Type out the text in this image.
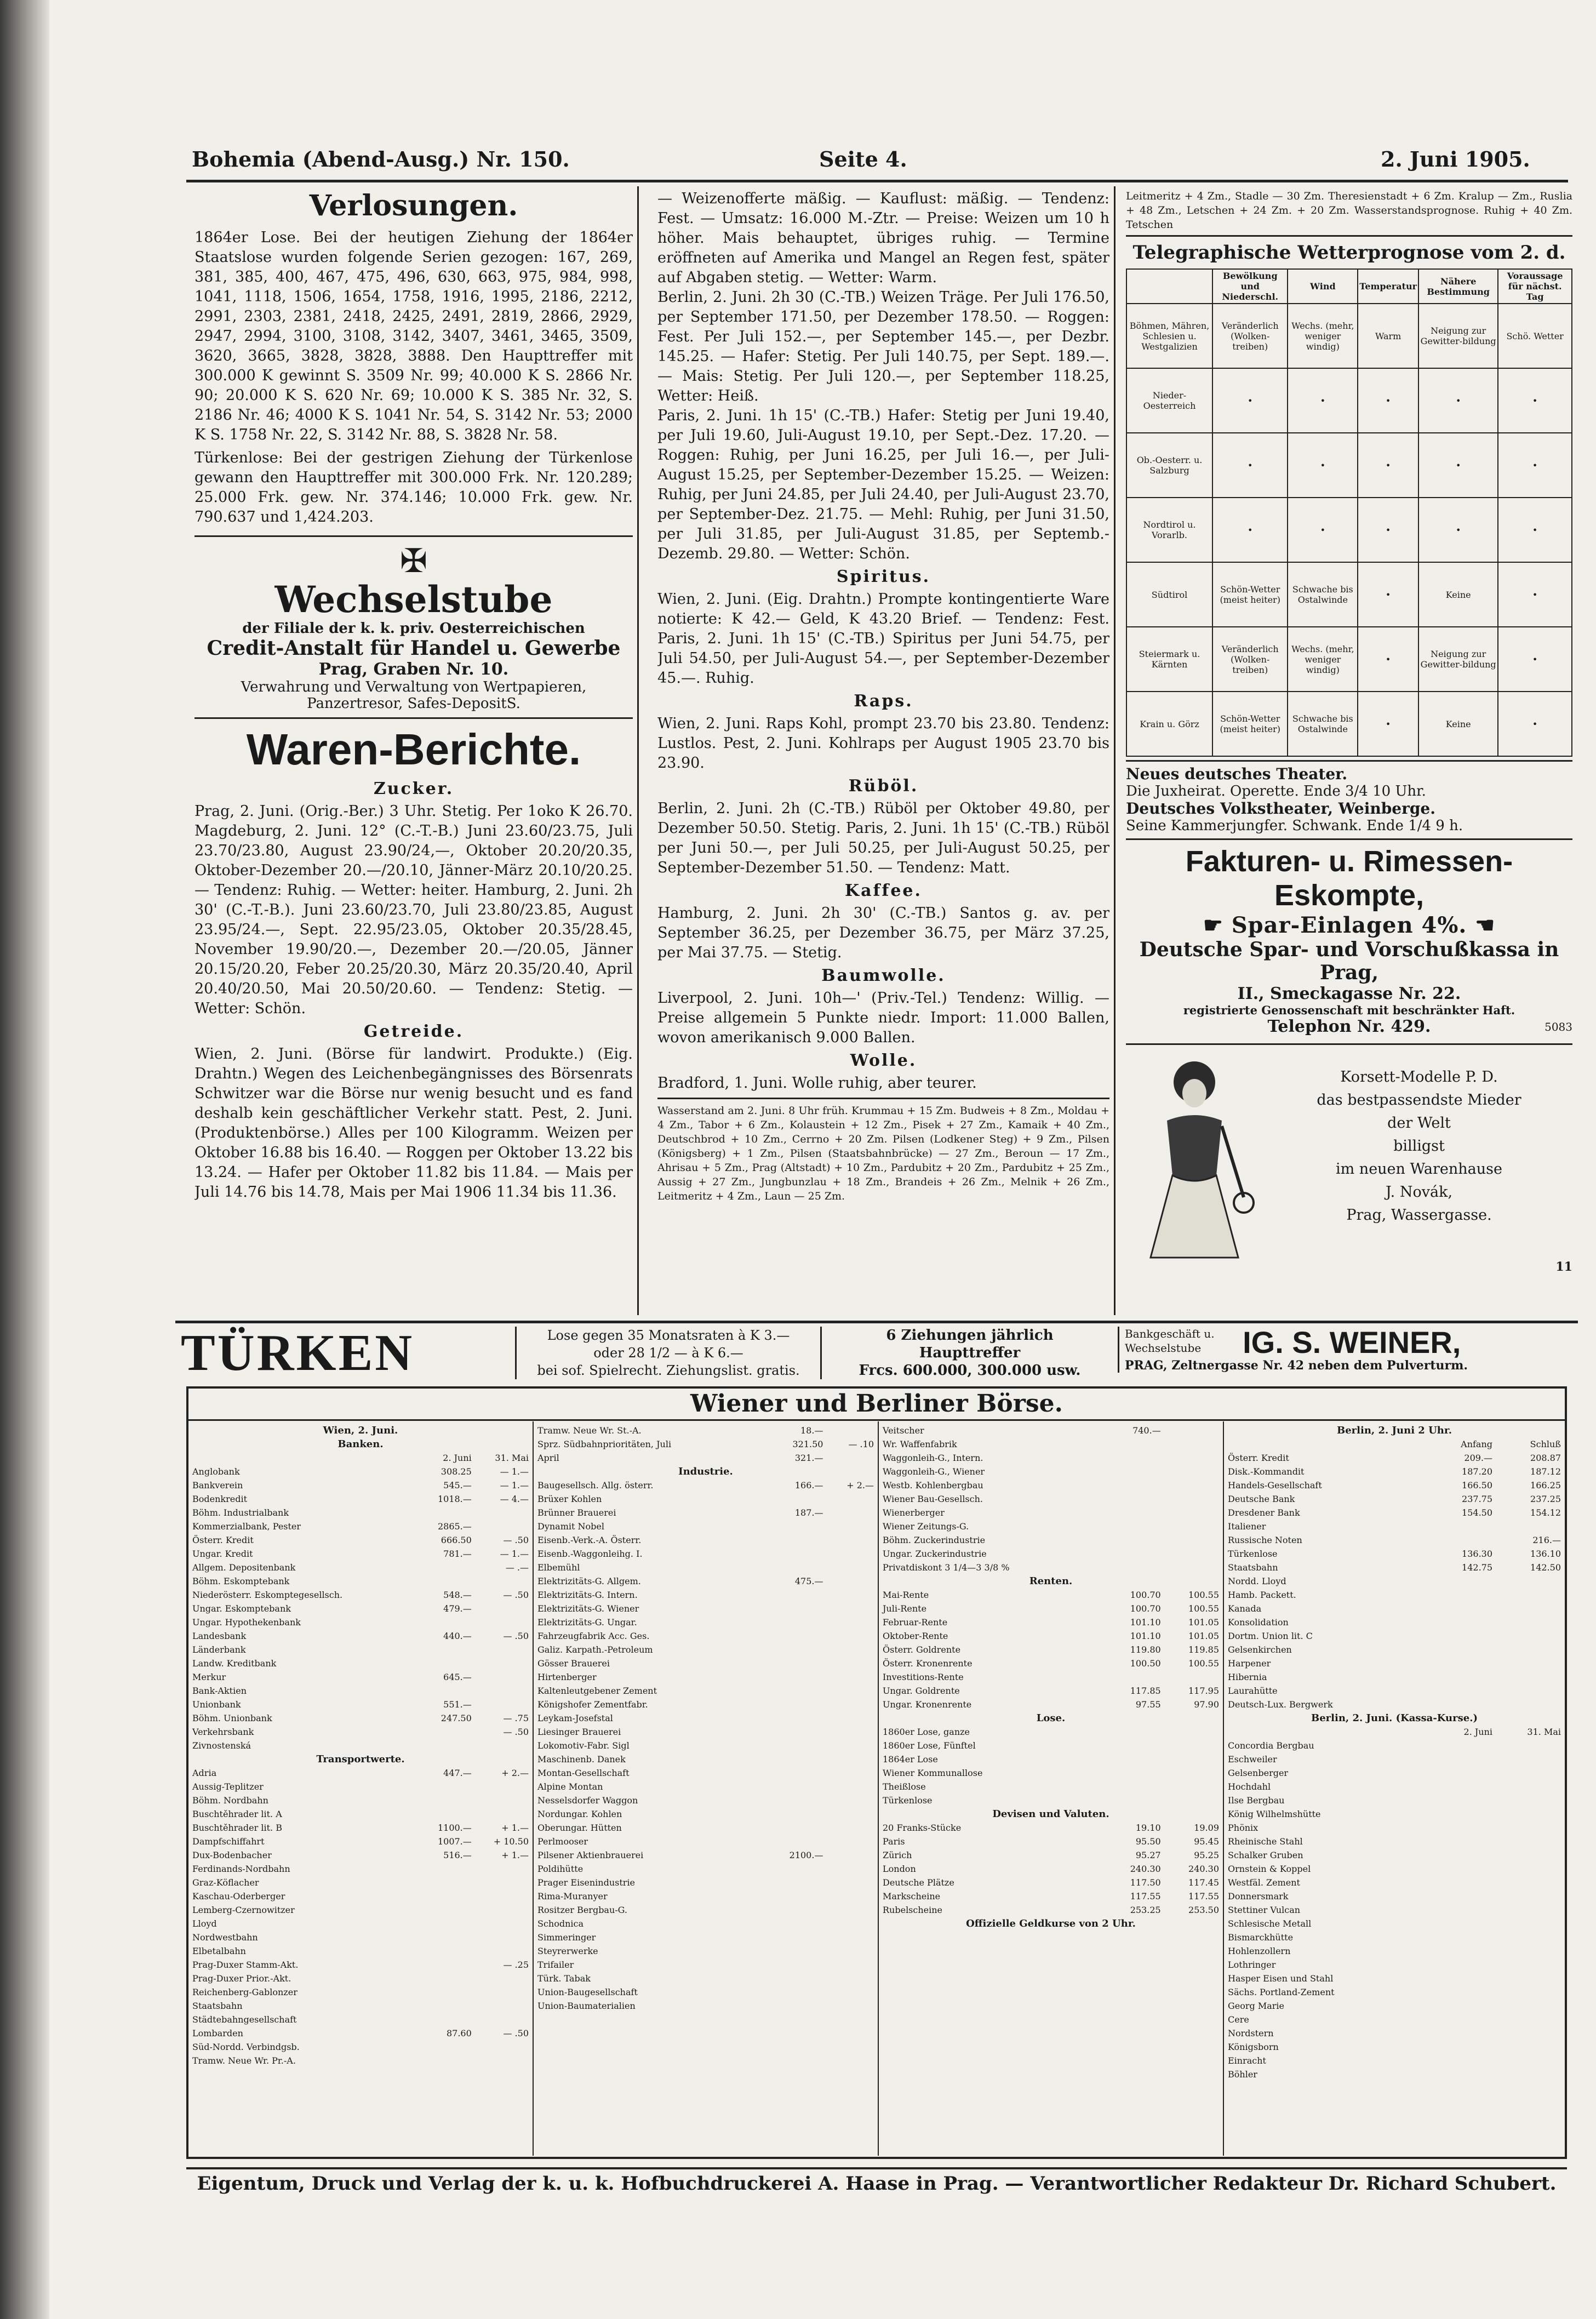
Bohemia (Abend-Ausg.) Nr. 150.	Seite 4.	2. Juni 1905.
Verlosungen.

1864er Lose. Bei der heutigen Ziehung der 1864er Staatslose wurden folgende Serien gezogen: 167, 269, 381, 385, 400, 467, 475, 496, 630, 663, 975, 984, 998, 1041, 1118, 1506, 1654, 1758, 1916, 1995, 2186, 2212, 2991, 2303, 2381, 2418, 2425, 2491, 2819, 2866, 2929, 2947, 2994, 3100, 3108, 3142, 3407, 3461, 3465, 3509, 3620, 3665, 3828, 3828, 3888. Den Haupttreffer mit 300.000 K gewinnt S. 3509 Nr. 99; 40.000 K S. 2866 Nr. 90; 20.000 K S. 620 Nr. 69; 10.000 K S. 385 Nr. 32, S. 2186 Nr. 46; 4000 K S. 1041 Nr. 54, S. 3142 Nr. 53; 2000 K S. 1758 Nr. 22, S. 3142 Nr. 88, S. 3828 Nr. 58.

Türkenlose: Bei der gestrigen Ziehung der Türkenlose gewann den Haupttreffer mit 300.000 Frk. Nr. 120.289; 25.000 Frk. gew. Nr. 374.146; 10.000 Frk. gew. Nr. 790.637 und 1,424.203.

✠
Wechselstube
der Filiale der k. k. priv. Oesterreichischen
Credit-Anstalt für Handel u. Gewerbe
Prag, Graben Nr. 10.
Verwahrung und Verwaltung von Wertpapieren,
Panzertresor, Safes-DepositS.
Waren-Berichte.
Zucker.

Prag, 2. Juni. (Orig.-Ber.) 3 Uhr. Stetig. Per 1oko K 26.70. Magdeburg, 2. Juni. 12° (C.-T.-B.) Juni 23.60/23.75, Juli 23.70/23.80, August 23.90/24,—, Oktober 20.20/20.35, Oktober-Dezember 20.—/20.10, Jänner-März 20.10/20.25. — Tendenz: Ruhig. — Wetter: heiter. Hamburg, 2. Juni. 2h 30' (C.-T.-B.). Juni 23.60/23.70, Juli 23.80/23.85, August 23.95/24.—, Sept. 22.95/23.05, Oktober 20.35/28.45, November 19.90/20.—, Dezember 20.—/20.05, Jänner 20.15/20.20, Feber 20.25/20.30, März 20.35/20.40, April 20.40/20.50, Mai 20.50/20.60. — Tendenz: Stetig. — Wetter: Schön.

Getreide.

Wien, 2. Juni. (Börse für landwirt. Produkte.) (Eig. Drahtn.) Wegen des Leichenbegängnisses des Börsenrats Schwitzer war die Börse nur wenig besucht und es fand deshalb kein geschäftlicher Verkehr statt. Pest, 2. Juni. (Produktenbörse.) Alles per 100 Kilogramm. Weizen per Oktober 16.88 bis 16.40. — Roggen per Oktober 13.22 bis 13.24. — Hafer per Oktober 11.82 bis 11.84. — Mais per Juli 14.76 bis 14.78, Mais per Mai 1906 11.34 bis 11.36.

— Weizenofferte mäßig. — Kauflust: mäßig. — Tendenz: Fest. — Umsatz: 16.000 M.-Ztr. — Preise: Weizen um 10 h höher. Mais behauptet, übriges ruhig. — Termine eröffneten auf Amerika und Mangel an Regen fest, später auf Abgaben stetig. — Wetter: Warm.

Berlin, 2. Juni. 2h 30 (C.-TB.) Weizen Träge. Per Juli 176.50, per September 171.50, per Dezember 178.50. — Roggen: Fest. Per Juli 152.—, per September 145.—, per Dezbr. 145.25. — Hafer: Stetig. Per Juli 140.75, per Sept. 189.—. — Mais: Stetig. Per Juli 120.—, per September 118.25, Wetter: Heiß.

Paris, 2. Juni. 1h 15' (C.-TB.) Hafer: Stetig per Juni 19.40, per Juli 19.60, Juli-August 19.10, per Sept.-Dez. 17.20. — Roggen: Ruhig, per Juni 16.25, per Juli 16.—, per Juli-August 15.25, per September-Dezember 15.25. — Weizen: Ruhig, per Juni 24.85, per Juli 24.40, per Juli-August 23.70, per September-Dez. 21.75. — Mehl: Ruhig, per Juni 31.50, per Juli 31.85, per Juli-August 31.85, per Septemb.-Dezemb. 29.80. — Wetter: Schön.

Spiritus.

Wien, 2. Juni. (Eig. Drahtn.) Prompte kontingentierte Ware notierte: K 42.— Geld, K 43.20 Brief. — Tendenz: Fest. Paris, 2. Juni. 1h 15' (C.-TB.) Spiritus per Juni 54.75, per Juli 54.50, per Juli-August 54.—, per September-Dezember 45.—. Ruhig.

Raps.

Wien, 2. Juni. Raps Kohl, prompt 23.70 bis 23.80. Tendenz: Lustlos. Pest, 2. Juni. Kohlraps per August 1905 23.70 bis 23.90.

Rüböl.

Berlin, 2. Juni. 2h (C.-TB.) Rüböl per Oktober 49.80, per Dezember 50.50. Stetig. Paris, 2. Juni. 1h 15' (C.-TB.) Rüböl per Juni 50.—, per Juli 50.25, per Juli-August 50.25, per September-Dezember 51.50. — Tendenz: Matt.

Kaffee.

Hamburg, 2. Juni. 2h 30' (C.-TB.) Santos g. av. per September 36.25, per Dezember 36.75, per März 37.25, per Mai 37.75. — Stetig.

Baumwolle.

Liverpool, 2. Juni. 10h—' (Priv.-Tel.) Tendenz: Willig. — Preise allgemein 5 Punkte niedr. Import: 11.000 Ballen, wovon amerikanisch 9.000 Ballen.

Wolle.

Bradford, 1. Juni. Wolle ruhig, aber teurer.

Wasserstand am 2. Juni. 8 Uhr früh. Krummau + 15 Zm. Budweis + 8 Zm., Moldau + 4 Zm., Tabor + 6 Zm., Kolaustein + 12 Zm., Pisek + 27 Zm., Kamaik + 40 Zm., Deutschbrod + 10 Zm., Cerrno + 20 Zm. Pilsen (Lodkener Steg) + 9 Zm., Pilsen (Königsberg) + 1 Zm., Pilsen (Staatsbahnbrücke) — 27 Zm., Beroun — 17 Zm., Ahrisau + 5 Zm., Prag (Altstadt) + 10 Zm., Pardubitz + 20 Zm., Pardubitz + 25 Zm., Aussig + 27 Zm., Jungbunzlau + 18 Zm., Brandeis + 26 Zm., Melnik + 26 Zm., Leitmeritz + 4 Zm., Laun — 25 Zm.

Leitmeritz + 4 Zm., Stadle — 30 Zm. Theresienstadt + 6 Zm. Kralup — Zm., Ruslia + 48 Zm., Letschen + 24 Zm. + 20 Zm. Wasserstandsprognose. Ruhig + 40 Zm. Tetschen

Telegraphische Wetterprognose vom 2. d.
	Bewölkung und Niederschl.	Wind	Temperatur	Nähere Bestimmung	Voraussage für nächst. Tag
Böhmen, Mähren, Schlesien u. Westgalizien	Veränderlich (Wolken-treiben)	Wechs. (mehr, weniger windig)	Warm	Neigung zur Gewitter-bildung	Schö. Wetter
Nieder-Oesterreich	•	•	•	•	•
Ob.-Oesterr. u. Salzburg	•	•	•	•	•
Nordtirol u. Vorarlb.	•	•	•	•	•
Südtirol	Schön-Wetter (meist heiter)	Schwache bis Ostalwinde	•	Keine	•
Steiermark u. Kärnten	Veränderlich (Wolken-treiben)	Wechs. (mehr, weniger windig)	•	Neigung zur Gewitter-bildung	•
Krain u. Görz	Schön-Wetter (meist heiter)	Schwache bis Ostalwinde	•	Keine	•
Neues deutsches Theater.
Die Juxheirat. Operette. Ende 3/4 10 Uhr.
Deutsches Volkstheater, Weinberge.
Seine Kammerjungfer. Schwank. Ende 1/4 9 h.
Fakturen- u. Rimessen-
Eskompte,
☛ Spar-Einlagen 4%. ☚
Deutsche Spar- und Vorschußkassa in Prag,
II., Smeckagasse Nr. 22.
registrierte Genossenschaft mit beschränkter Haft.
Telephon Nr. 429.	5083
Korsett-Modelle P. D.
das bestpassendste Mieder
der Welt
billigst
im neuen Warenhause
J. Novák,
Prag, Wassergasse.
11
TÜRKEN	Lose gegen 35 Monatsraten à K 3.—
oder 28 1/2 — à K 6.—
bei sof. Spielrecht. Ziehungslist. gratis.
6 Ziehungen jährlich
Haupttreffer
Frcs. 600.000, 300.000 usw.
Bankgeschäft u. Wechselstube IG. S. WEINER,
PRAG, Zeltnergasse Nr. 42 neben dem Pulverturm.
Wiener und Berliner Börse.
Wien, 2. Juni.		
Banken.		
	2. Juni	31. Mai
Anglobank	308.25	— 1.—
Bankverein	545.—	— 1.—
Bodenkredit	1018.—	— 4.—
Böhm. Industrialbank		
Kommerzialbank, Pester	2865.—	
Österr. Kredit	666.50	— .50
Ungar. Kredit	781.—	— 1.—
Allgem. Depositenbank		— .—
Böhm. Eskomptebank		
Niederösterr. Eskomptegesellsch.	548.—	— .50
Ungar. Eskomptebank	479.—	
Ungar. Hypothekenbank		
Landesbank	440.—	— .50
Länderbank		
Landw. Kreditbank		
Merkur	645.—	
Bank-Aktien		
Unionbank	551.—	
Böhm. Unionbank	247.50	— .75
Verkehrsbank		— .50
Zivnostenská		
Transportwerte.		
Adria	447.—	+ 2.—
Aussig-Teplitzer		
Böhm. Nordbahn		
Buschtěhrader lit. A		
Buschtěhrader lit. B	1100.—	+ 1.—
Dampfschiffahrt	1007.—	+ 10.50
Dux-Bodenbacher	516.—	+ 1.—
Ferdinands-Nordbahn		
Graz-Köflacher		
Kaschau-Oderberger		
Lemberg-Czernowitzer		
Lloyd		
Nordwestbahn		
Elbetalbahn		
Prag-Duxer Stamm-Akt.		— .25
Prag-Duxer Prior.-Akt.		
Reichenberg-Gablonzer		
Staatsbahn		
Städtebahngesellschaft		
Lombarden	87.60	— .50
Süd-Nordd. Verbindgsb.		
Tramw. Neue Wr. Pr.-A.		
Tramw. Neue Wr. St.-A.	18.—	
Sprz. Südbahnprioritäten, Juli	321.50	— .10
April	321.—	
Industrie.		
Baugesellsch. Allg. österr.	166.—	+ 2.—
Brüxer Kohlen		
Brünner Brauerei	187.—	
Dynamit Nobel		
Eisenb.-Verk.-A. Österr.		
Eisenb.-Waggonleihg. I.		
Elbemühl		
Elektrizitäts-G. Allgem.	475.—	
Elektrizitäts-G. Intern.		
Elektrizitäts-G. Wiener		
Elektrizitäts-G. Ungar.		
Fahrzeugfabrik Acc. Ges.		
Galiz. Karpath.-Petroleum		
Gösser Brauerei		
Hirtenberger		
Kaltenleutgebener Zement		
Königshofer Zementfabr.		
Leykam-Josefstal		
Liesinger Brauerei		
Lokomotiv-Fabr. Sigl		
Maschinenb. Danek		
Montan-Gesellschaft		
Alpine Montan		
Nesselsdorfer Waggon		
Nordungar. Kohlen		
Oberungar. Hütten		
Perlmooser		
Pilsener Aktienbrauerei	2100.—	
Poldihütte		
Prager Eisenindustrie		
Rima-Muranyer		
Rositzer Bergbau-G.		
Schodnica		
Simmeringer		
Steyrerwerke		
Trifailer		
Türk. Tabak		
Union-Baugesellschaft		
Union-Baumaterialien		
Veitscher	740.—	
Wr. Waffenfabrik		
Waggonleih-G., Intern.		
Waggonleih-G., Wiener		
Westb. Kohlenbergbau		
Wiener Bau-Gesellsch.		
Wienerberger		
Wiener Zeitungs-G.		
Böhm. Zuckerindustrie		
Ungar. Zuckerindustrie		
Privatdiskont 3 1/4—3 3/8 %		
Renten.		
Mai-Rente	100.70	100.55
Juli-Rente	100.70	100.55
Februar-Rente	101.10	101.05
Oktober-Rente	101.10	101.05
Österr. Goldrente	119.80	119.85
Österr. Kronenrente	100.50	100.55
Investitions-Rente		
Ungar. Goldrente	117.85	117.95
Ungar. Kronenrente	97.55	97.90
Lose.		
1860er Lose, ganze		
1860er Lose, Fünftel		
1864er Lose		
Wiener Kommunallose		
Theißlose		
Türkenlose		
Devisen und Valuten.		
20 Franks-Stücke	19.10	19.09
Paris	95.50	95.45
Zürich	95.27	95.25
London	240.30	240.30
Deutsche Plätze	117.50	117.45
Markscheine	117.55	117.55
Rubelscheine	253.25	253.50
Offizielle Geldkurse von 2 Uhr.		
Berlin, 2. Juni 2 Uhr.		
	Anfang	Schluß
Österr. Kredit	209.—	208.87
Disk.-Kommandit	187.20	187.12
Handels-Gesellschaft	166.50	166.25
Deutsche Bank	237.75	237.25
Dresdener Bank	154.50	154.12
Italiener		
Russische Noten		216.—
Türkenlose	136.30	136.10
Staatsbahn	142.75	142.50
Nordd. Lloyd		
Hamb. Packett.		
Kanada		
Konsolidation		
Dortm. Union lit. C		
Gelsenkirchen		
Harpener		
Hibernia		
Laurahütte		
Deutsch-Lux. Bergwerk		
Berlin, 2. Juni. (Kassa-Kurse.)		
	2. Juni	31. Mai
Concordia Bergbau		
Eschweiler		
Gelsenberger		
Hochdahl		
Ilse Bergbau		
König Wilhelmshütte		
Phönix		
Rheinische Stahl		
Schalker Gruben		
Ornstein & Koppel		
Westfäl. Zement		
Donnersmark		
Stettiner Vulcan		
Schlesische Metall		
Bismarckhütte		
Hohlenzollern		
Lothringer		
Hasper Eisen und Stahl		
Sächs. Portland-Zement		
Georg Marie		
Cere		
Nordstern		
Königsborn		
Einracht		
Böhler		
Eigentum, Druck und Verlag der k. u. k. Hofbuchdruckerei A. Haase in Prag. — Verantwortlicher Redakteur Dr. Richard Schubert.
